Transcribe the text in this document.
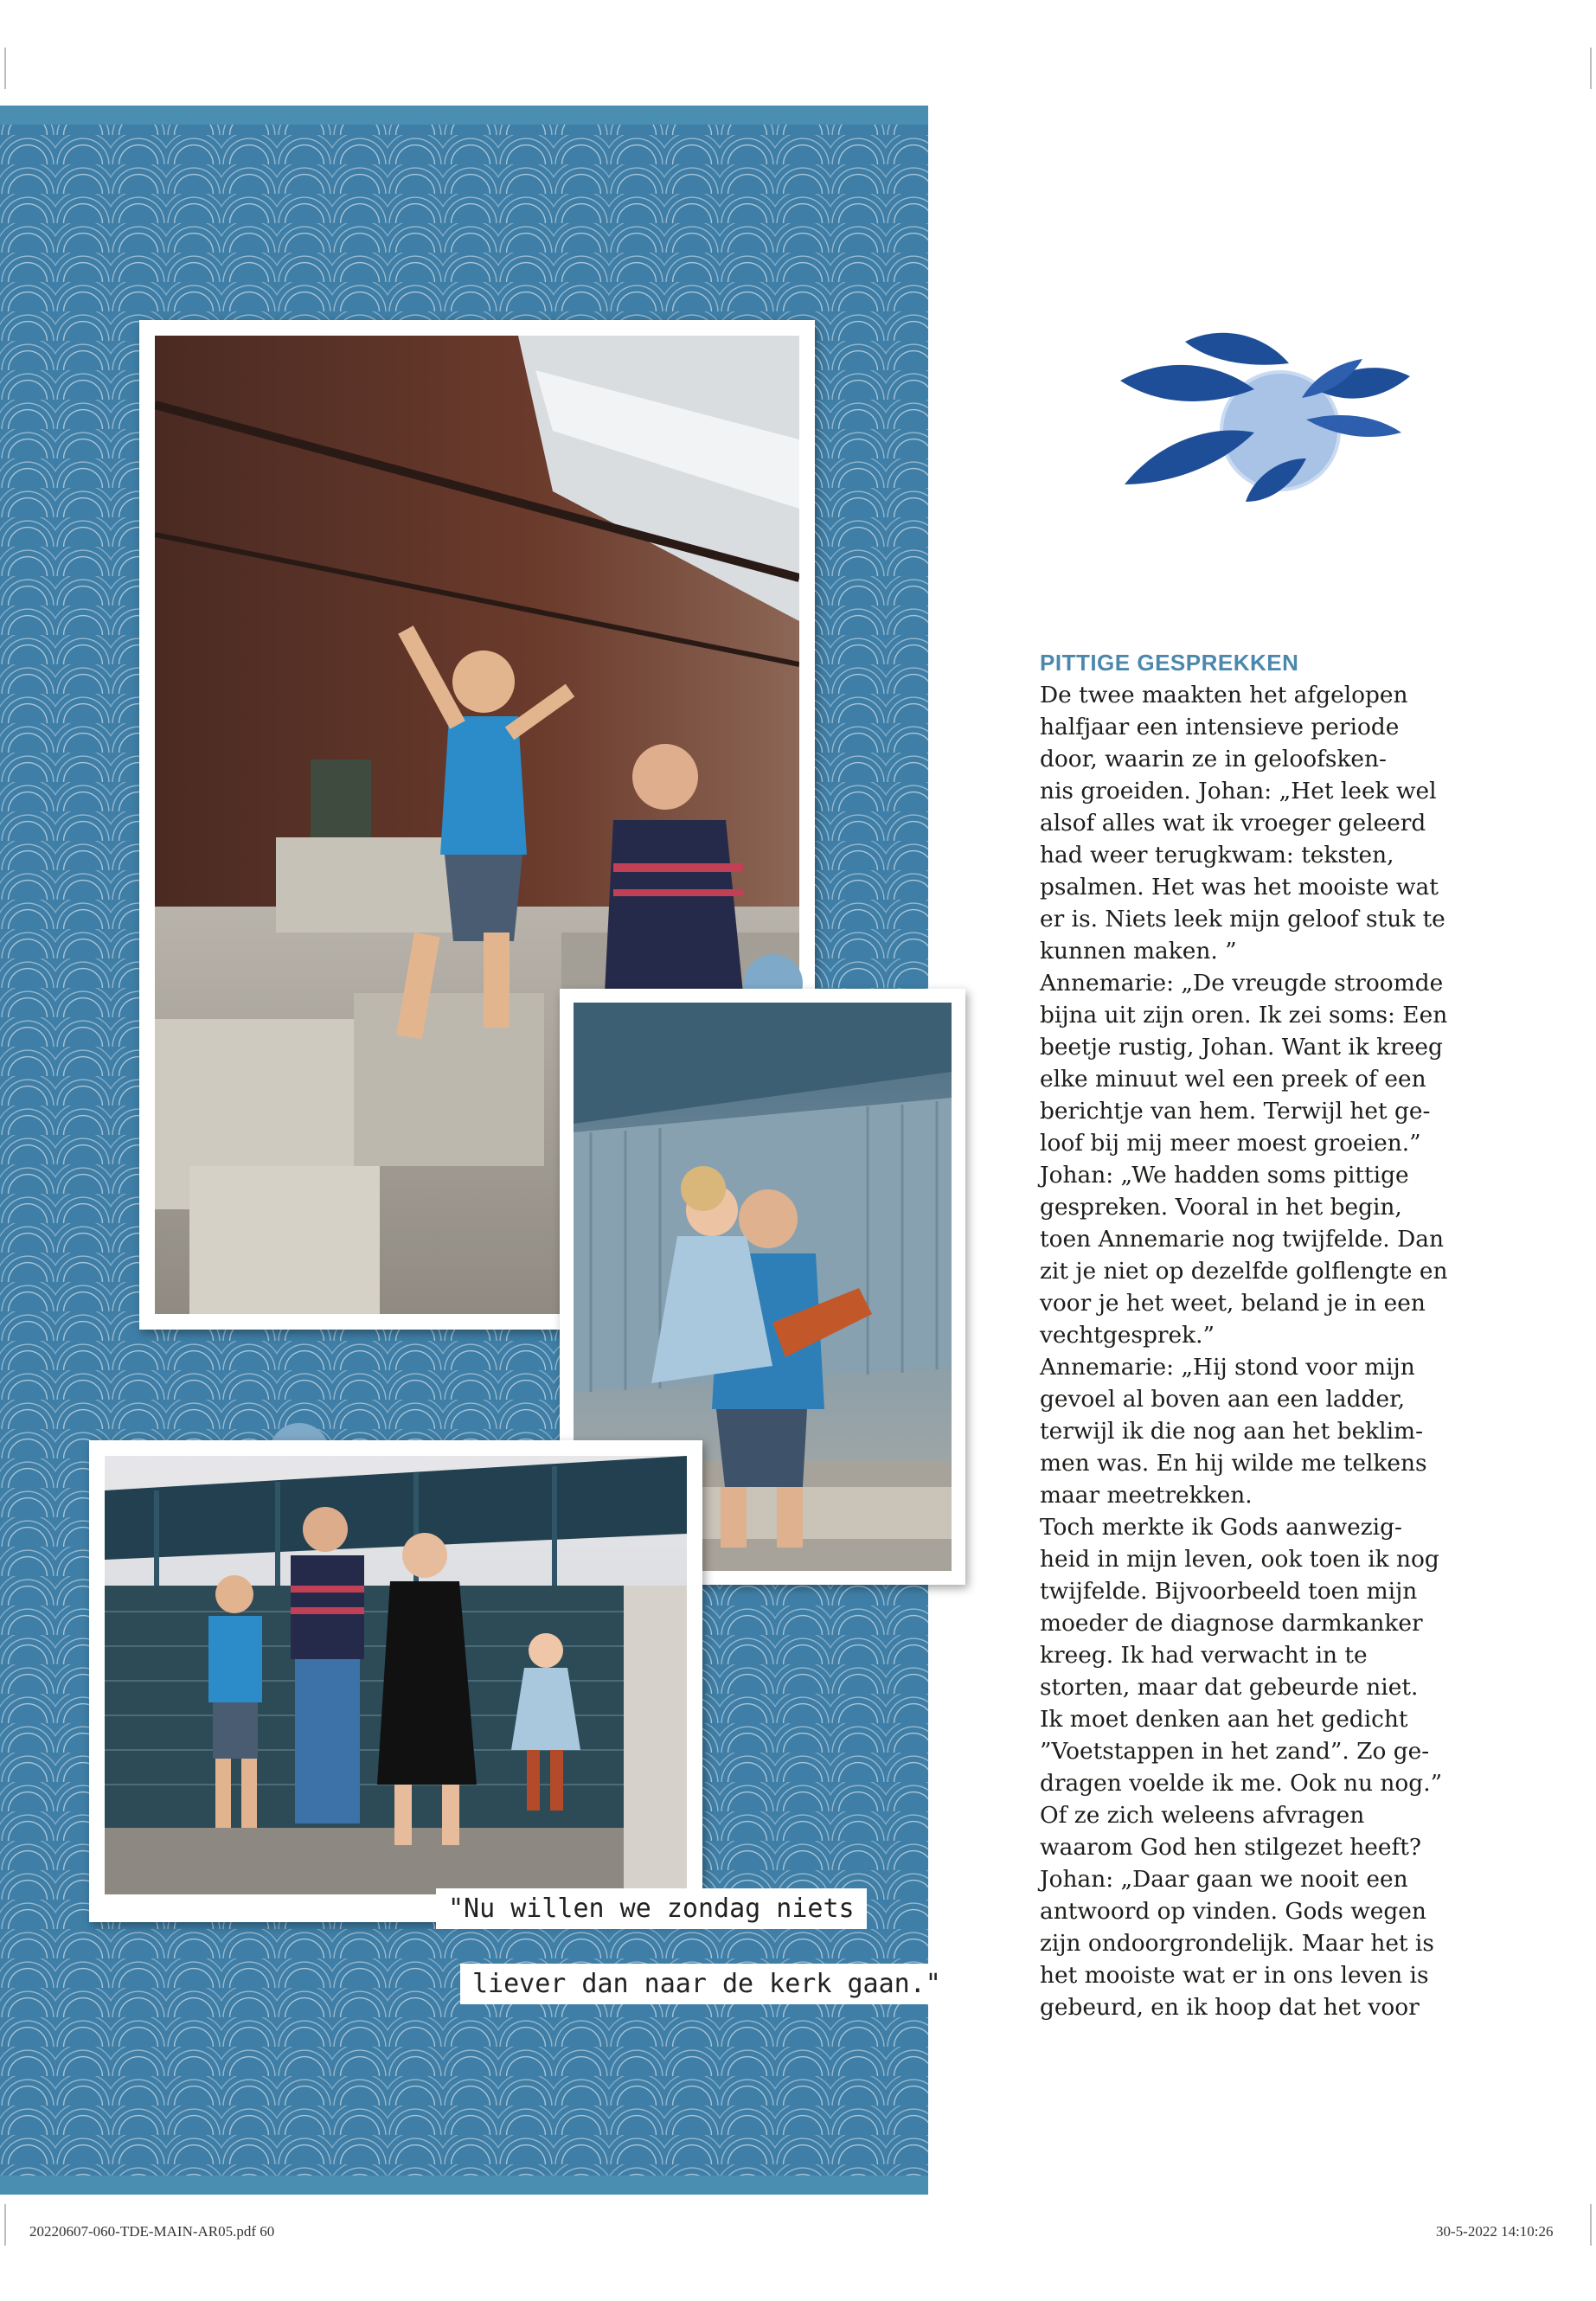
"Nu willen we zondag niets
liever dan naar de kerk gaan."
PITTIGE GESPREKKEN
De twee maakten het afgelopen
halfjaar een intensieve periode
door, waarin ze in geloofsken-
nis groeiden. Johan: „Het leek wel
alsof alles wat ik vroeger geleerd
had weer terugkwam: teksten,
psalmen. Het was het mooiste wat
er is. Niets leek mijn geloof stuk te
kunnen maken. ”
Annemarie: „De vreugde stroomde
bijna uit zijn oren. Ik zei soms: Een
beetje rustig, Johan. Want ik kreeg
elke minuut wel een preek of een
berichtje van hem. Terwijl het ge-
loof bij mij meer moest groeien.”
Johan: „We hadden soms pittige
gespreken. Vooral in het begin,
toen Annemarie nog twijfelde. Dan
zit je niet op dezelfde golflengte en
voor je het weet, beland je in een
vechtgesprek.”
Annemarie: „Hij stond voor mijn
gevoel al boven aan een ladder,
terwijl ik die nog aan het beklim-
men was. En hij wilde me telkens
maar meetrekken.
Toch merkte ik Gods aanwezig-
heid in mijn leven, ook toen ik nog
twijfelde. Bijvoorbeeld toen mijn
moeder de diagnose darmkanker
kreeg. Ik had verwacht in te
storten, maar dat gebeurde niet.
Ik moet denken aan het gedicht
”Voetstappen in het zand”. Zo ge-
dragen voelde ik me. Ook nu nog.”
Of ze zich weleens afvragen
waarom God hen stilgezet heeft?
Johan: „Daar gaan we nooit een
antwoord op vinden. Gods wegen
zijn ondoorgrondelijk. Maar het is
het mooiste wat er in ons leven is
gebeurd, en ik hoop dat het voor
20220607-060-TDE-MAIN-AR05.pdf 60	30-5-2022 14:10:26
